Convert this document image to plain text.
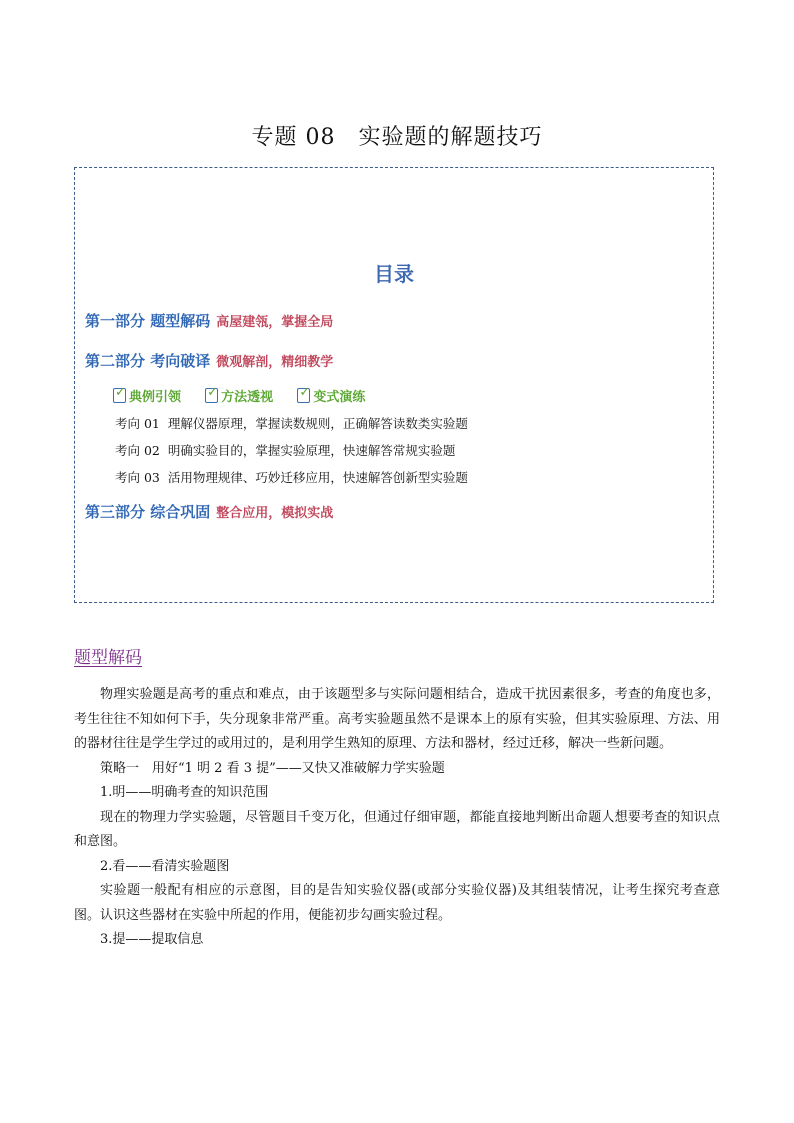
专题 08　实验题的解题技巧
目录
第一部分 题型解码 高屋建瓴，掌握全局
第二部分 考向破译 微观解剖，精细教学
✓
典例引领
✓	方法透视
✓	变式演练
考向 01 理解仪器原理，掌握读数规则，正确解答读数类实验题
考向 02 明确实验目的，掌握实验原理，快速解答常规实验题
考向 03 活用物理规律、巧妙迁移应用，快速解答创新型实验题
第三部分 综合巩固 整合应用，模拟实战
题型解码

物理实验题是高考的重点和难点，由于该题型多与实际问题相结合，造成干扰因素很多，考查的角度也多，考生往往不知如何下手，失分现象非常严重。高考实验题虽然不是课本上的原有实验，但其实验原理、方法、用的器材往往是学生学过的或用过的，是利用学生熟知的原理、方法和器材，经过迁移，解决一些新问题。

策略一　用好“1 明 2 看 3 提”——又快又准破解力学实验题

1.明——明确考查的知识范围

现在的物理力学实验题，尽管题目千变万化，但通过仔细审题，都能直接地判断出命题人想要考查的知识点和意图。

2.看——看清实验题图

实验题一般配有相应的示意图，目的是告知实验仪器(或部分实验仪器)及其组装情况，让考生探究考查意图。认识这些器材在实验中所起的作用，便能初步勾画实验过程。

3.提——提取信息
